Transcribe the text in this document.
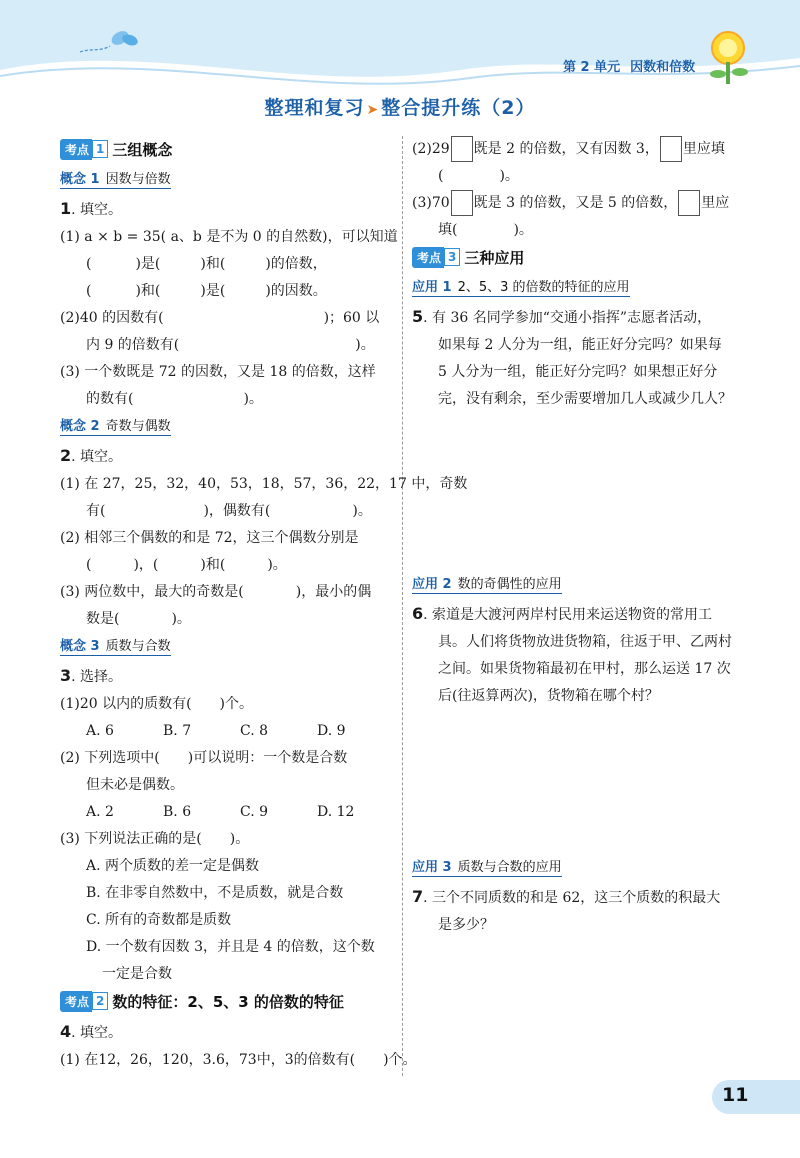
第 2 单元 因数和倍数
整理和复习 ➤ 整合提升练（2）
考点 1 三组概念
概念 1 因数与倍数
1. 填空。
(1) a × b = 35( a、b 是不为 0 的自然数)，可以知道
(	)是(	)和(	)的倍数，
(	)和(	)是(	)的因数。
(2)40 的因数有(	)；60 以
内 9 的倍数有(	)。
(3) 一个数既是 72 的因数，又是 18 的倍数，这样
的数有(	)。
概念 2 奇数与偶数
2. 填空。
(1) 在 27，25，32，40，53，18，57，36，22，17 中，奇数
有(	)，偶数有(	)。
(2) 相邻三个偶数的和是 72，这三个偶数分别是
(	)，(	)和(	)。
(3) 两位数中，最大的奇数是(	)，最小的偶
数是(	)。
概念 3 质数与合数
3. 选择。
(1)20 以内的质数有(　　)个。
A. 6	B. 7	C. 8	D. 9
(2) 下列选项中(　　)可以说明：一个数是合数
但未必是偶数。
A. 2	B. 6	C. 9	D. 12
(3) 下列说法正确的是(　　)。
A. 两个质数的差一定是偶数
B. 在非零自然数中，不是质数，就是合数
C. 所有的奇数都是质数
D. 一个数有因数 3，并且是 4 的倍数，这个数
一定是合数
考点 2 数的特征：2、5、3 的倍数的特征
4. 填空。
(1) 在12，26，120，3.6，73中，3的倍数有(　　)个。
(2)29 既是 2 的倍数，又有因数 3， 里应填
(	)。
(3)70 既是 3 的倍数，又是 5 的倍数， 里应
填(	)。
考点 3 三种应用
应用 1 2、5、3 的倍数的特征的应用
5. 有 36 名同学参加“交通小指挥”志愿者活动，
如果每 2 人分为一组，能正好分完吗？如果每
5 人分为一组，能正好分完吗？如果想正好分
完，没有剩余，至少需要增加几人或减少几人？
应用 2 数的奇偶性的应用
6. 索道是大渡河两岸村民用来运送物资的常用工
具。人们将货物放进货物箱，往返于甲、乙两村
之间。如果货物箱最初在甲村，那么运送 17 次
后(往返算两次)，货物箱在哪个村？
应用 3 质数与合数的应用
7. 三个不同质数的和是 62，这三个质数的积最大
是多少？
11
